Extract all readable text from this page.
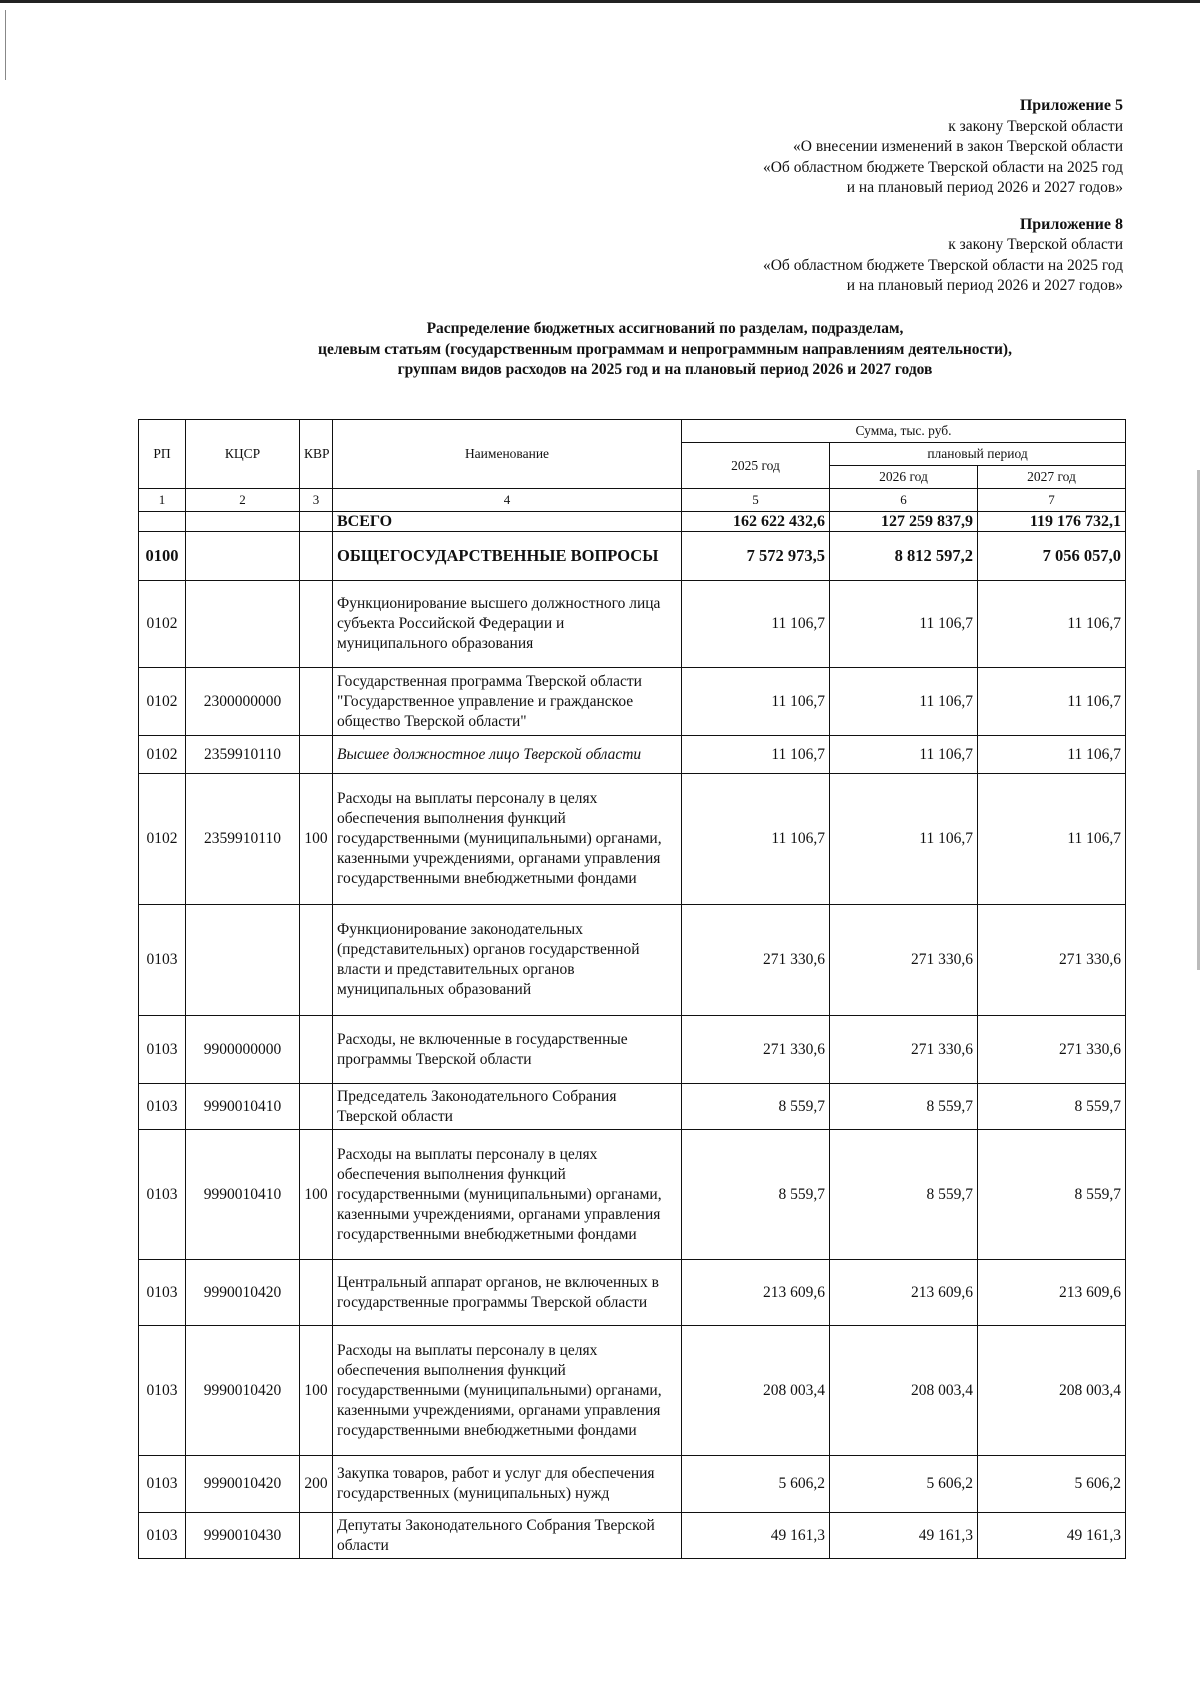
Приложение 5
к закону Тверской области
«О внесении изменений в закон Тверской области
«Об областном бюджете Тверской области на 2025 год
и на плановый период 2026 и 2027 годов»
Приложение 8
к закону Тверской области
«Об областном бюджете Тверской области на 2025 год
и на плановый период 2026 и 2027 годов»
Распределение бюджетных ассигнований по разделам, подразделам,
целевым статьям (государственным программам и непрограммным направлениям деятельности),
группам видов расходов на 2025 год и на плановый период 2026 и 2027 годов
РП	КЦСР	КВР	Наименование	Сумма, тыс. руб.		
				2025 год	плановый период	
					2026 год	2027 год
1	2	3	4	5	6	7
			ВСЕГО	162 622 432,6	127 259 837,9	119 176 732,1
0100			ОБЩЕГОСУДАРСТВЕННЫЕ ВОПРОСЫ	7 572 973,5	8 812 597,2	7 056 057,0
0102			Функционирование высшего должностного лица субъекта Российской Федерации и муниципального образования	11 106,7	11 106,7	11 106,7
0102	2300000000		Государственная программа Тверской области "Государственное управление и гражданское общество Тверской области"	11 106,7	11 106,7	11 106,7
0102	2359910110		Высшее должностное лицо Тверской области	11 106,7	11 106,7	11 106,7
0102	2359910110	100	Расходы на выплаты персоналу в целях обеспечения выполнения функций государственными (муниципальными) органами, казенными учреждениями, органами управления государственными внебюджетными фондами	11 106,7	11 106,7	11 106,7
0103			Функционирование законодательных (представительных) органов государственной власти и представительных органов муниципальных образований	271 330,6	271 330,6	271 330,6
0103	9900000000		Расходы, не включенные в государственные программы Тверской области	271 330,6	271 330,6	271 330,6
0103	9990010410		Председатель Законодательного Собрания Тверской области	8 559,7	8 559,7	8 559,7
0103	9990010410	100	Расходы на выплаты персоналу в целях обеспечения выполнения функций государственными (муниципальными) органами, казенными учреждениями, органами управления государственными внебюджетными фондами	8 559,7	8 559,7	8 559,7
0103	9990010420		Центральный аппарат органов, не включенных в государственные программы Тверской области	213 609,6	213 609,6	213 609,6
0103	9990010420	100	Расходы на выплаты персоналу в целях обеспечения выполнения функций государственными (муниципальными) органами, казенными учреждениями, органами управления государственными внебюджетными фондами	208 003,4	208 003,4	208 003,4
0103	9990010420	200	Закупка товаров, работ и услуг для обеспечения государственных (муниципальных) нужд	5 606,2	5 606,2	5 606,2
0103	9990010430		Депутаты Законодательного Собрания Тверской области	49 161,3	49 161,3	49 161,3
